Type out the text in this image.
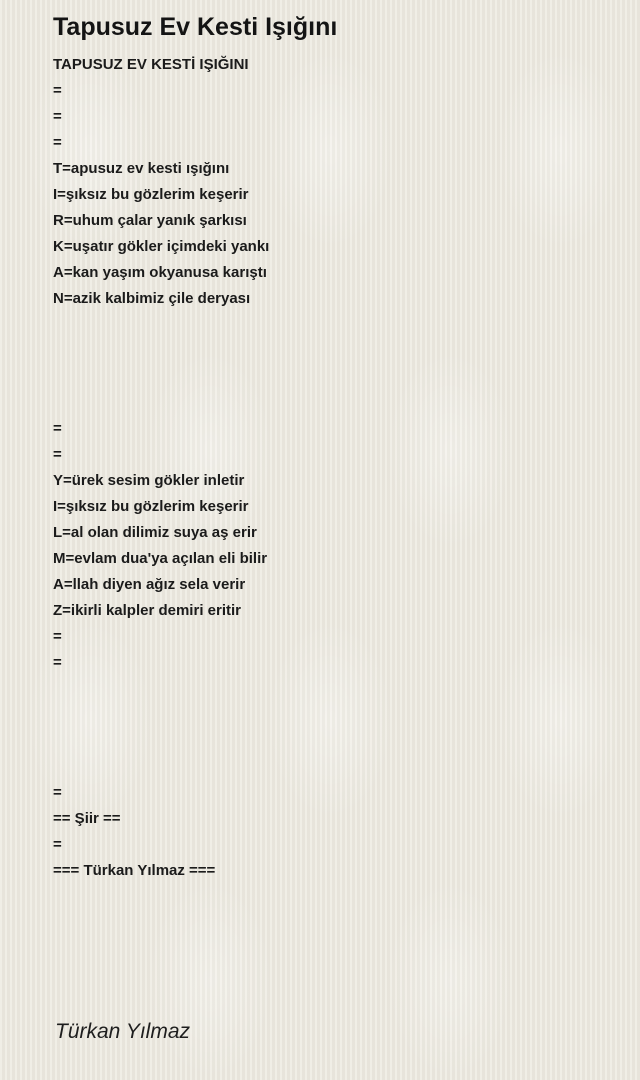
Tapusuz Ev Kesti Işığını
TAPUSUZ EV KESTİ IŞIĞINI
=
=
=
T=apusuz ev kesti ışığını
I=şıksız bu gözlerim keşerir
R=uhum çalar yanık şarkısı
K=uşatır gökler içimdeki yankı
A=kan yaşım okyanusa karıştı
N=azik kalbimiz çile deryası
=
=
Y=ürek sesim gökler inletir
I=şıksız bu gözlerim keşerir
L=al olan dilimiz suya aş erir
M=evlam dua'ya açılan eli bilir
A=llah diyen ağız sela verir
Z=ikirli kalpler demiri eritir
=
=
=
== Şiir ==
=
=== Türkan Yılmaz ===
Türkan Yılmaz
